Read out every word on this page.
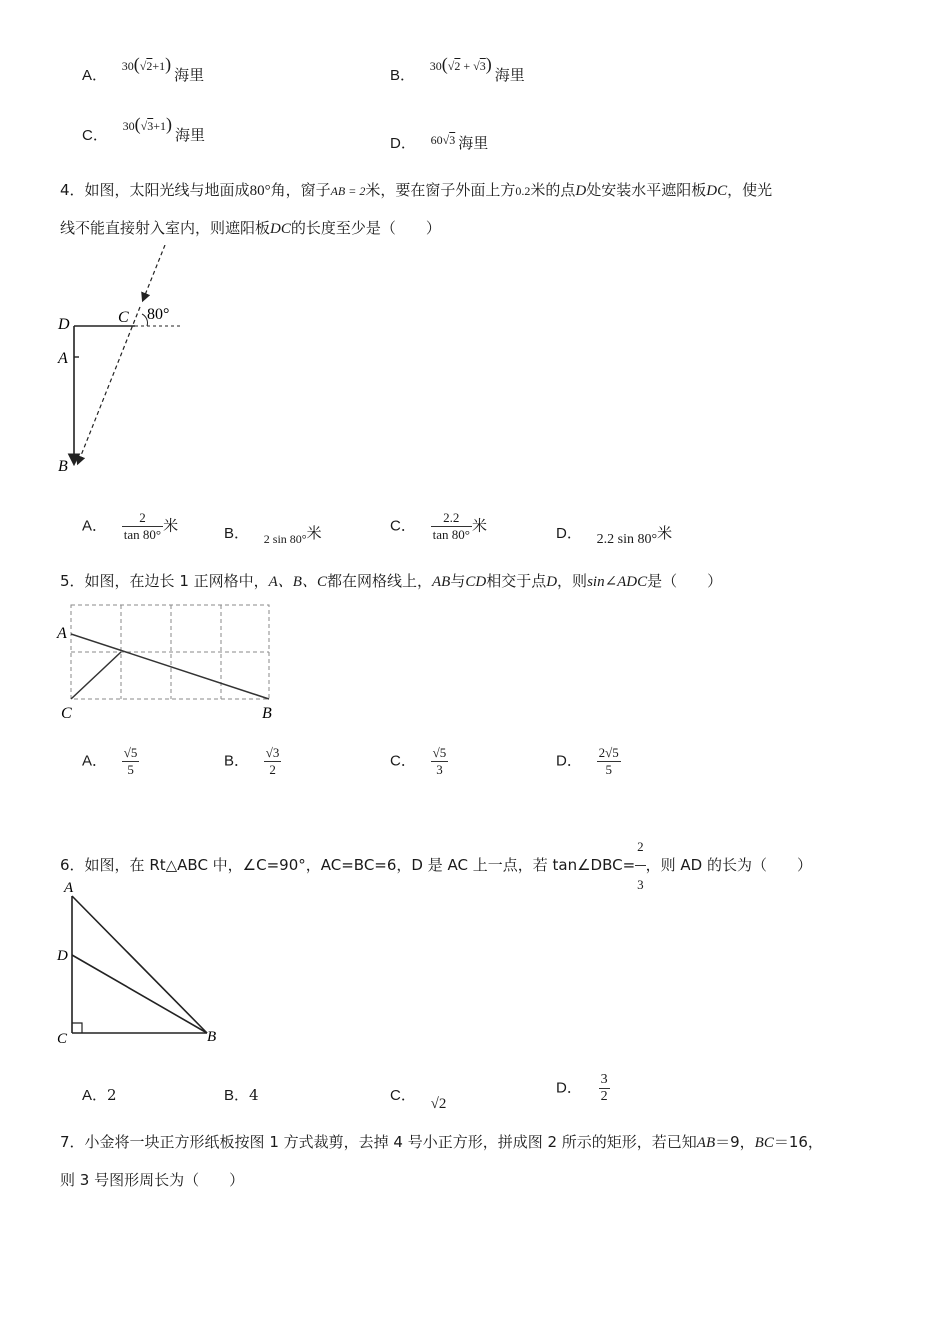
A． $^{30(√2+1)}$ 海里	B． $^{30(√2 + √3)}$ 海里
C． $^{30(√3+1)}$ 海里	D． $^{60√3}$ 海里
4．如图，太阳光线与地面成80°角，窗子AB = 2米，要在窗子外面上方0.2米的点D处安装水平遮阳板DC，使光
线不能直接射入室内，则遮阳板DC的长度至少是（　　）
D	C 80°
A
B
A． $\frac{2}{\tan 80^\circ}$ 米	B． $_{2 sin 80^\circ}$米	C． $\frac{2.2}{\tan 80^\circ}$ 米	D． 2.2 sin 80°米
5．如图，在边长 1 正网格中，A、B、C都在网格线上，AB与CD相交于点D，则sin∠ADC是（　　）
A
C	B
A． $\frac{√5}{5}$	B． $\frac{√3}{2}$	C． $\frac{√5}{3}$	D． $\frac{2√5}{5}$
6．如图，在 Rt△ABC 中，∠C=90°，AC=BC=6，D 是 AC 上一点，若 tan∠DBC= $\frac{2}{3}$ ，则 AD 的长为（　　）
A
D
C	B
A．2	B．4	C． √2
D． $\frac{3}{2}$
7．小金将一块正方形纸板按图 1 方式裁剪，去掉 4 号小正方形，拼成图 2 所示的矩形，若已知AB＝9，BC＝16，
则 3 号图形周长为（　　）
